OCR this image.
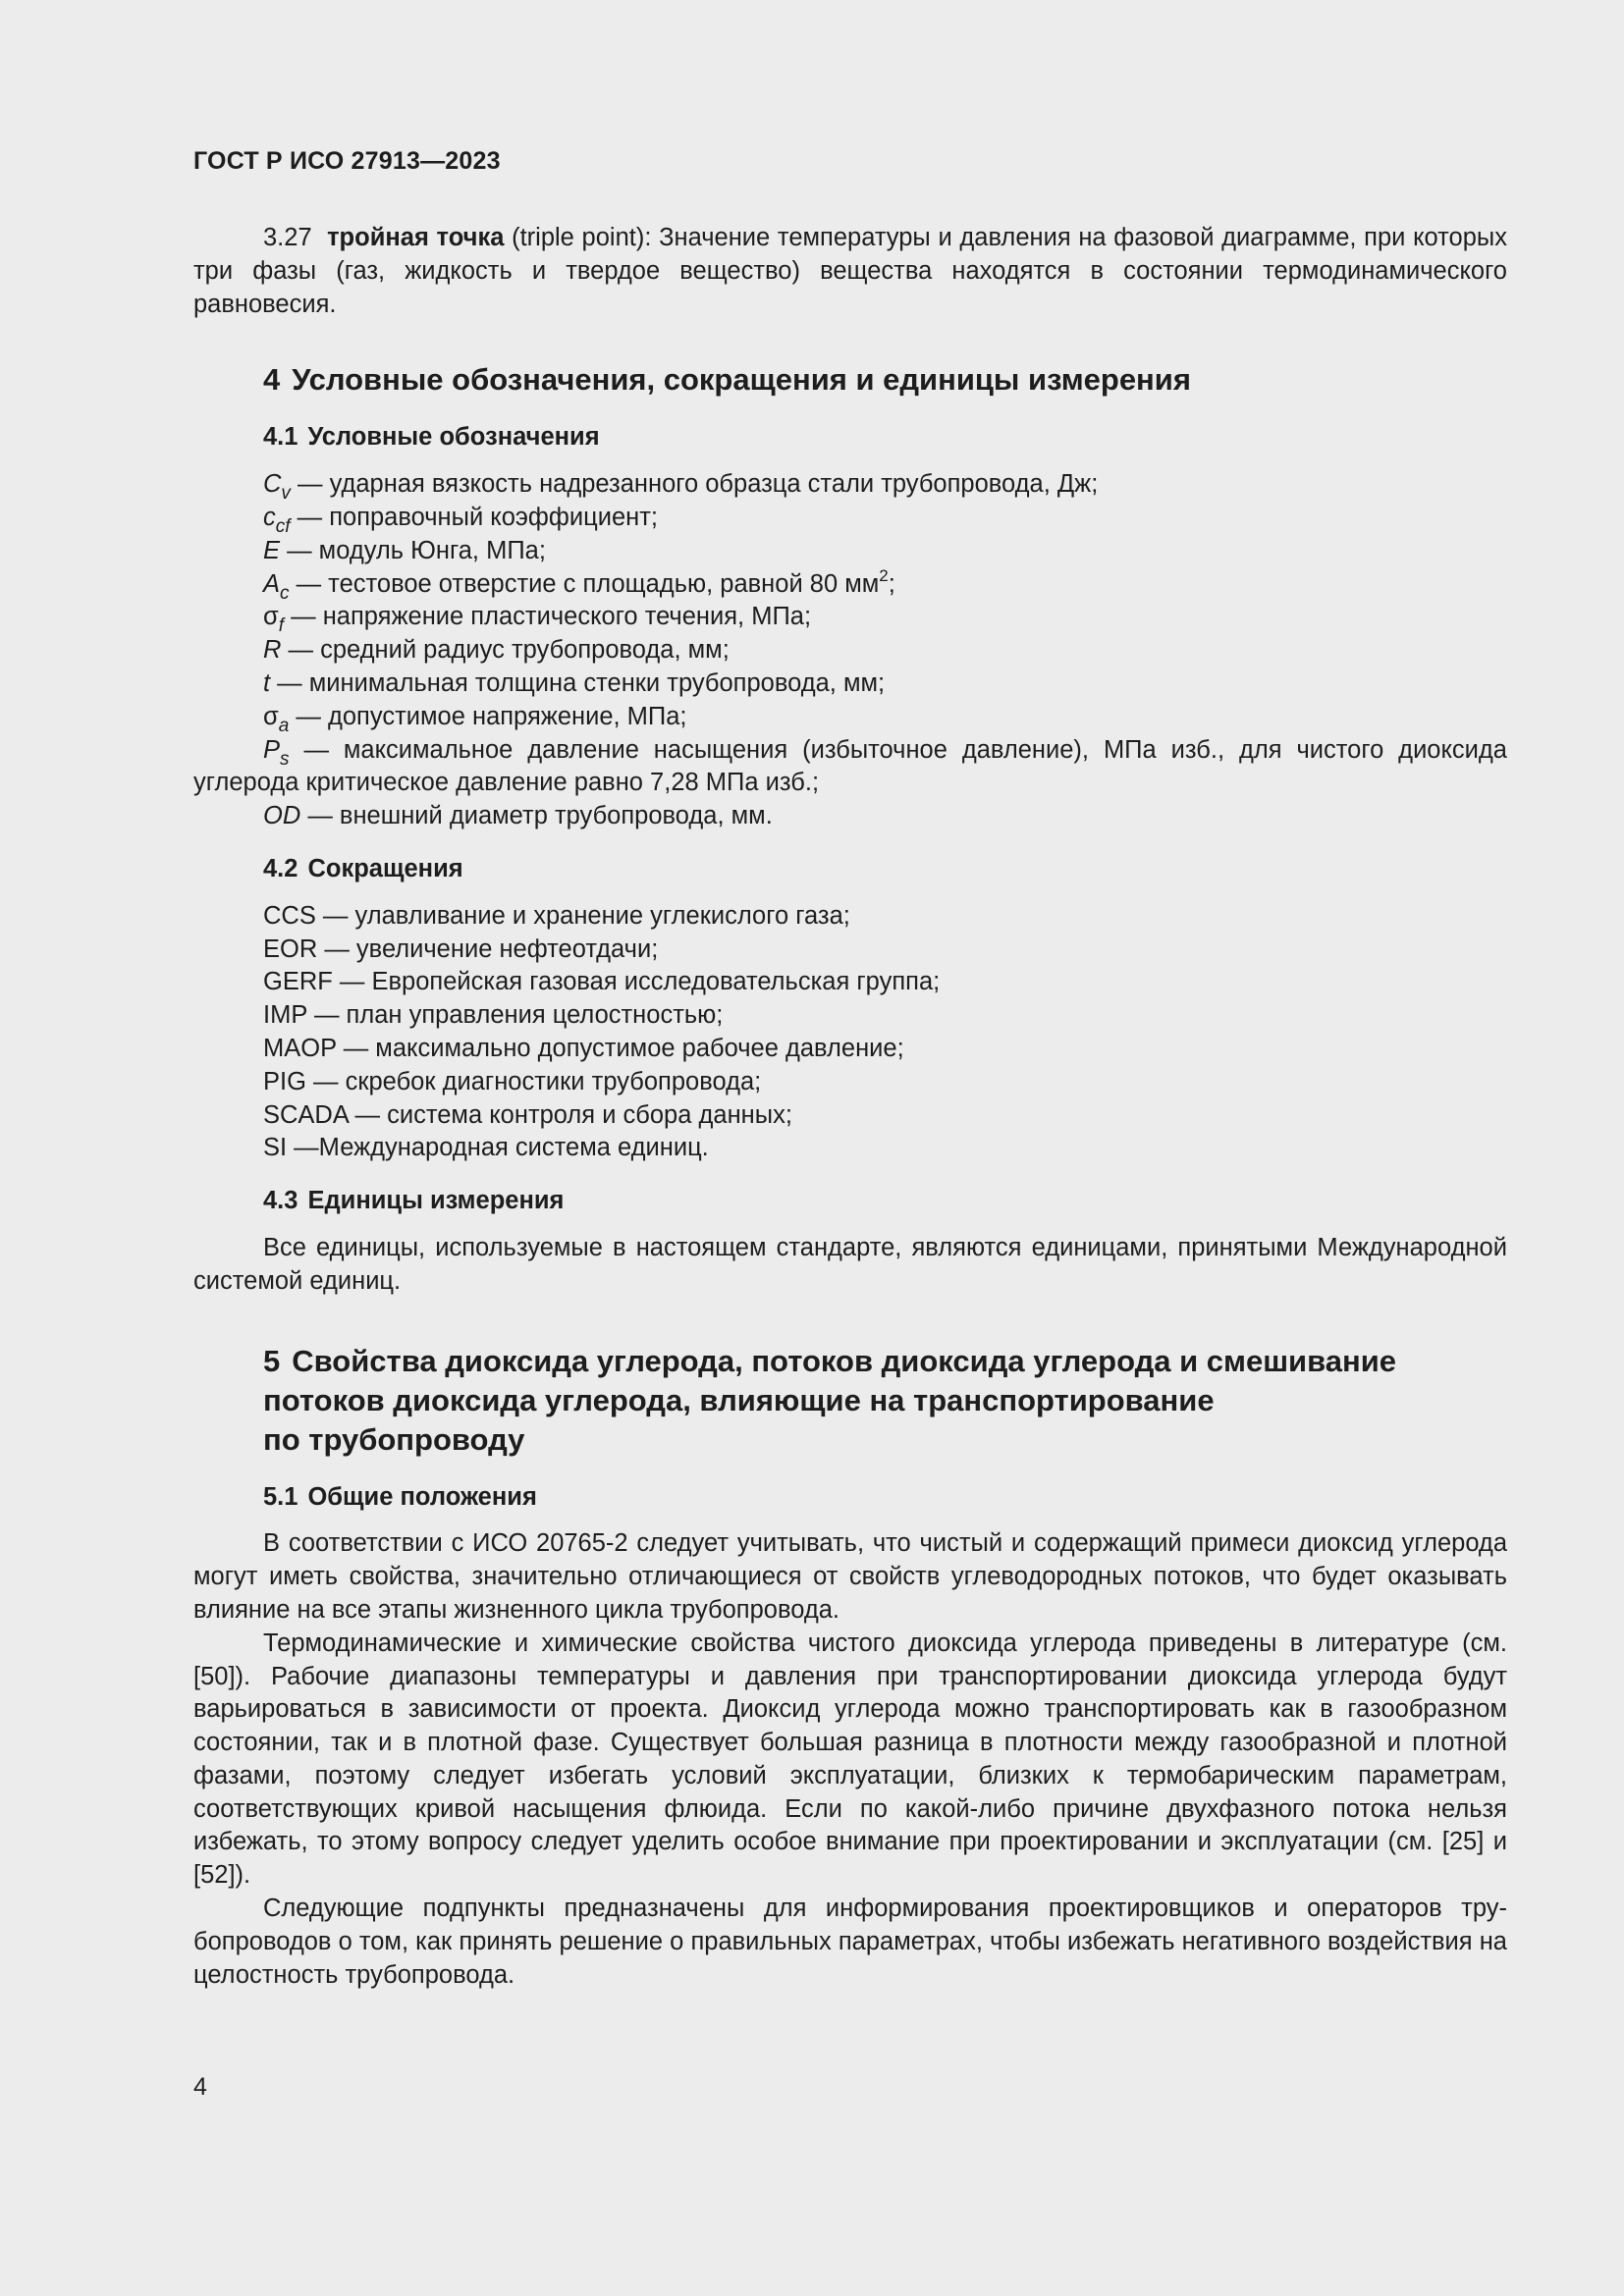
ГОСТ Р ИСО 27913—2023

3.27 тройная точка (triple point): Значение температуры и давления на фазовой диаграмме, при которых три фазы (газ, жидкость и твердое вещество) вещества находятся в состоянии термодинамического равновесия.

4 Условные обозначения, сокращения и единицы измерения
4.1 Условные обозначения
$C_v$ — ударная вязкость надрезанного образца стали трубопровода, Дж;
$c_{cf}$ — поправочный коэффициент;
E — модуль Юнга, МПа;
$A_c$ — тестовое отверстие с площадью, равной 80 $мм^2$;
$\sigma_f$ — напряжение пластического течения, МПа;
R — средний радиус трубопровода, мм;
t — минимальная толщина стенки трубопровода, мм;
$\sigma_a$ — допустимое напряжение, МПа;
$P_s$ — максимальное давление насыщения (избыточное давление), МПа изб., для чистого диоксида углерода критическое давление равно 7,28 МПа изб.;
OD — внешний диаметр трубопровода, мм.
4.2 Сокращения
CCS — улавливание и хранение углекислого газа;
EOR — увеличение нефтеотдачи;
GERF — Европейская газовая исследовательская группа;
IMP — план управления целостностью;
MAOP — максимально допустимое рабочее давление;
PIG — скребок диагностики трубопровода;
SCADA — система контроля и сбора данных;
SI —Международная система единиц.
4.3 Единицы измерения

Все единицы, используемые в настоящем стандарте, являются единицами, принятыми Международной системой единиц.

5 Свойства диоксида углерода, потоков диоксида углерода и смешивание
потоков диоксида углерода, влияющие на транспортирование
по трубопроводу
5.1 Общие положения

В соответствии с ИСО 20765-2 следует учитывать, что чистый и содержащий примеси диоксид углерода могут иметь свойства, значительно отличающиеся от свойств углеводородных потоков, что будет оказывать влияние на все этапы жизненного цикла трубопровода.

Термодинамические и химические свойства чистого диоксида углерода приведены в литературе (см. [50]). Рабочие диапазоны температуры и давления при транспортировании диоксида углерода будут варьироваться в зависимости от проекта. Диоксид углерода можно транспортировать как в газообразном состоянии, так и в плотной фазе. Существует большая разница в плотности между газообразной и плотной фазами, поэтому следует избегать условий эксплуатации, близких к термобарическим параметрам, соответствующих кривой насыщения флюида. Если по какой-либо причине двухфазного потока нельзя избежать, то этому вопросу следует уделить особое внимание при проектировании и эксплуатации (см. [25] и [52]).

Следующие подпункты предназначены для информирования проектировщиков и операторов трубопроводов о том, как принять решение о правильных параметрах, чтобы избежать негативного воздействия на целостность трубопровода.

4
